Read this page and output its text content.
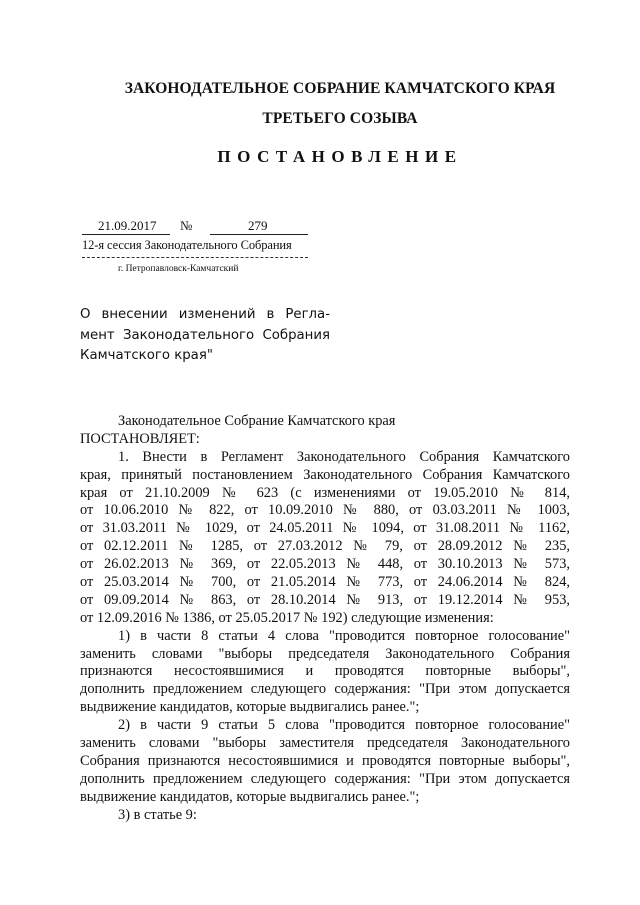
ЗАКОНОДАТЕЛЬНОЕ СОБРАНИЕ КАМЧАТСКОГО КРАЯ
ТРЕТЬЕГО СОЗЫВА
ПОСТАНОВЛЕНИЕ
21.09.2017 №	279
12-я сессия Законодательного Собрания
г. Петропавловск-Камчатский
О внесении изменений в Регла-
мент Законодательного Собрания
Камчатского края"
Законодательное Собрание Камчатского края
ПОСТАНОВЛЯЕТ:
1. Внести в Регламент Законодательного Собрания Камчатского
края, принятый постановлением Законодательного Собрания Камчатского
края от 21.10.2009 № 623 (с изменениями от 19.05.2010 № 814,
от 10.06.2010 № 822, от 10.09.2010 № 880, от 03.03.2011 № 1003,
от 31.03.2011 № 1029, от 24.05.2011 № 1094, от 31.08.2011 № 1162,
от 02.12.2011 № 1285, от 27.03.2012 № 79, от 28.09.2012 № 235,
от 26.02.2013 № 369, от 22.05.2013 № 448, от 30.10.2013 № 573,
от 25.03.2014 № 700, от 21.05.2014 № 773, от 24.06.2014 № 824,
от 09.09.2014 № 863, от 28.10.2014 № 913, от 19.12.2014 № 953,
от 12.09.2016 № 1386, от 25.05.2017 № 192) следующие изменения:
1) в части 8 статьи 4 слова "проводится повторное голосование"
заменить словами "выборы председателя Законодательного Собрания
признаются несостоявшимися и проводятся повторные выборы",
дополнить предложением следующего содержания: "При этом допускается
выдвижение кандидатов, которые выдвигались ранее.";
2) в части 9 статьи 5 слова "проводится повторное голосование"
заменить словами "выборы заместителя председателя Законодательного
Собрания признаются несостоявшимися и проводятся повторные выборы",
дополнить предложением следующего содержания: "При этом допускается
выдвижение кандидатов, которые выдвигались ранее.";
3) в статье 9:
